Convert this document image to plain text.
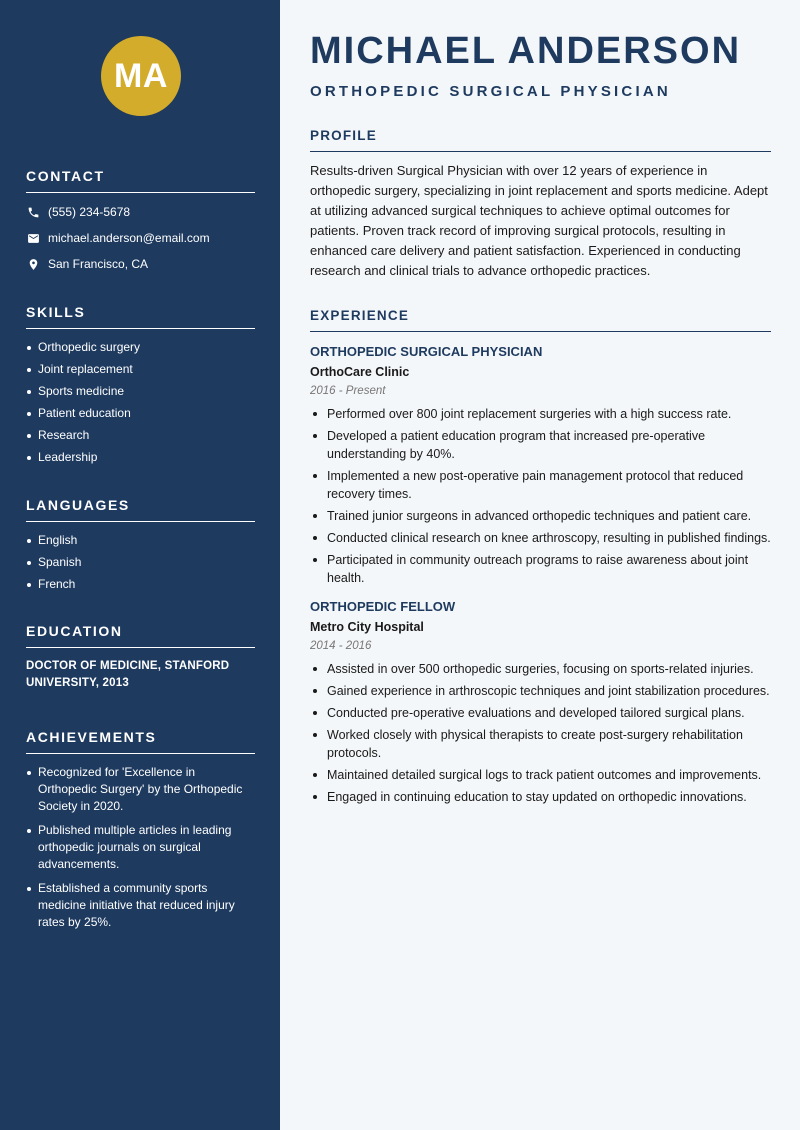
MA
CONTACT
(555) 234-5678
michael.anderson@email.com
San Francisco, CA
SKILLS
Orthopedic surgery
Joint replacement
Sports medicine
Patient education
Research
Leadership
LANGUAGES
English
Spanish
French
EDUCATION
DOCTOR OF MEDICINE, STANFORD UNIVERSITY, 2013
ACHIEVEMENTS
Recognized for 'Excellence in Orthopedic Surgery' by the Orthopedic Society in 2020.
Published multiple articles in leading orthopedic journals on surgical advancements.
Established a community sports medicine initiative that reduced injury rates by 25%.
MICHAEL ANDERSON
ORTHOPEDIC SURGICAL PHYSICIAN
PROFILE
Results-driven Surgical Physician with over 12 years of experience in orthopedic surgery, specializing in joint replacement and sports medicine. Adept at utilizing advanced surgical techniques to achieve optimal outcomes for patients. Proven track record of improving surgical protocols, resulting in enhanced care delivery and patient satisfaction. Experienced in conducting research and clinical trials to advance orthopedic practices.
EXPERIENCE
ORTHOPEDIC SURGICAL PHYSICIAN
OrthoCare Clinic
2016 - Present
Performed over 800 joint replacement surgeries with a high success rate.
Developed a patient education program that increased pre-operative understanding by 40%.
Implemented a new post-operative pain management protocol that reduced recovery times.
Trained junior surgeons in advanced orthopedic techniques and patient care.
Conducted clinical research on knee arthroscopy, resulting in published findings.
Participated in community outreach programs to raise awareness about joint health.
ORTHOPEDIC FELLOW
Metro City Hospital
2014 - 2016
Assisted in over 500 orthopedic surgeries, focusing on sports-related injuries.
Gained experience in arthroscopic techniques and joint stabilization procedures.
Conducted pre-operative evaluations and developed tailored surgical plans.
Worked closely with physical therapists to create post-surgery rehabilitation protocols.
Maintained detailed surgical logs to track patient outcomes and improvements.
Engaged in continuing education to stay updated on orthopedic innovations.
